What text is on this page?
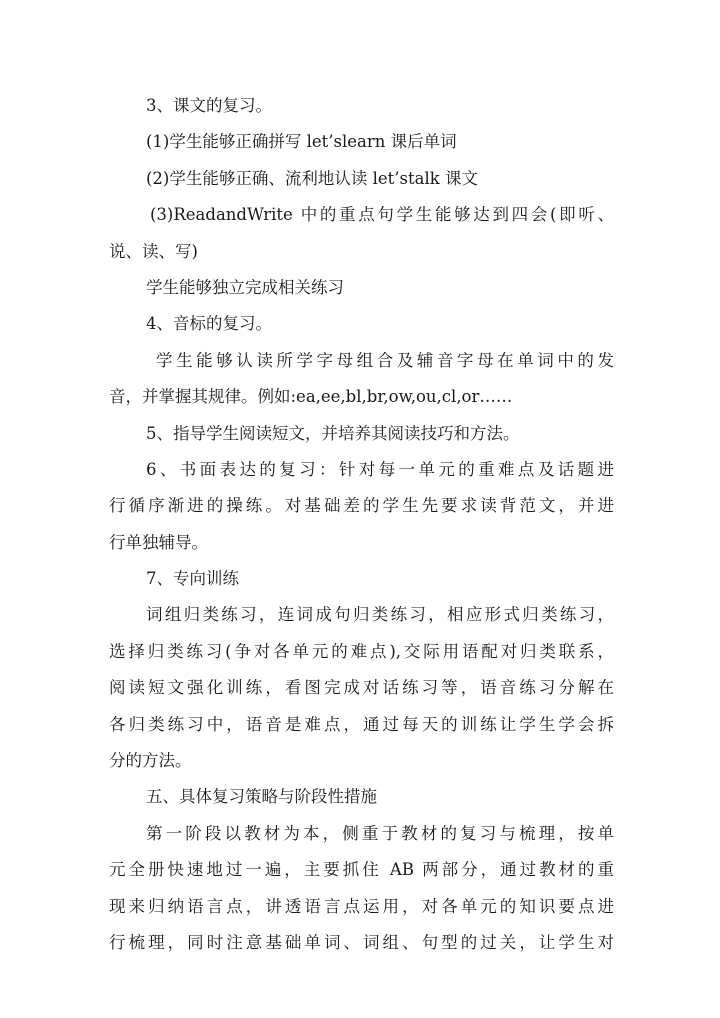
3、课文的复习。
(1)学生能够正确拼写 let’slearn 课后单词
(2)学生能够正确、流利地认读 let’stalk 课文
(3)ReadandWrite 中的重点句学生能够达到四会(即听、
说、读、写)
学生能够独立完成相关练习
4、音标的复习。
学生能够认读所学字母组合及辅音字母在单词中的发
音，并掌握其规律。例如:ea,ee,bl,br,ow,ou,cl,or……
5、指导学生阅读短文，并培养其阅读技巧和方法。
6、书面表达的复习：针对每一单元的重难点及话题进
行循序渐进的操练。对基础差的学生先要求读背范文，并进
行单独辅导。
7、专向训练
词组归类练习，连词成句归类练习，相应形式归类练习，
选择归类练习(争对各单元的难点),交际用语配对归类联系，
阅读短文强化训练，看图完成对话练习等，语音练习分解在
各归类练习中，语音是难点，通过每天的训练让学生学会拆
分的方法。
五、具体复习策略与阶段性措施
第一阶段以教材为本，侧重于教材的复习与梳理，按单
元全册快速地过一遍，主要抓住 AB 两部分，通过教材的重
现来归纳语言点，讲透语言点运用，对各单元的知识要点进
行梳理，同时注意基础单词、词组、句型的过关，让学生对
